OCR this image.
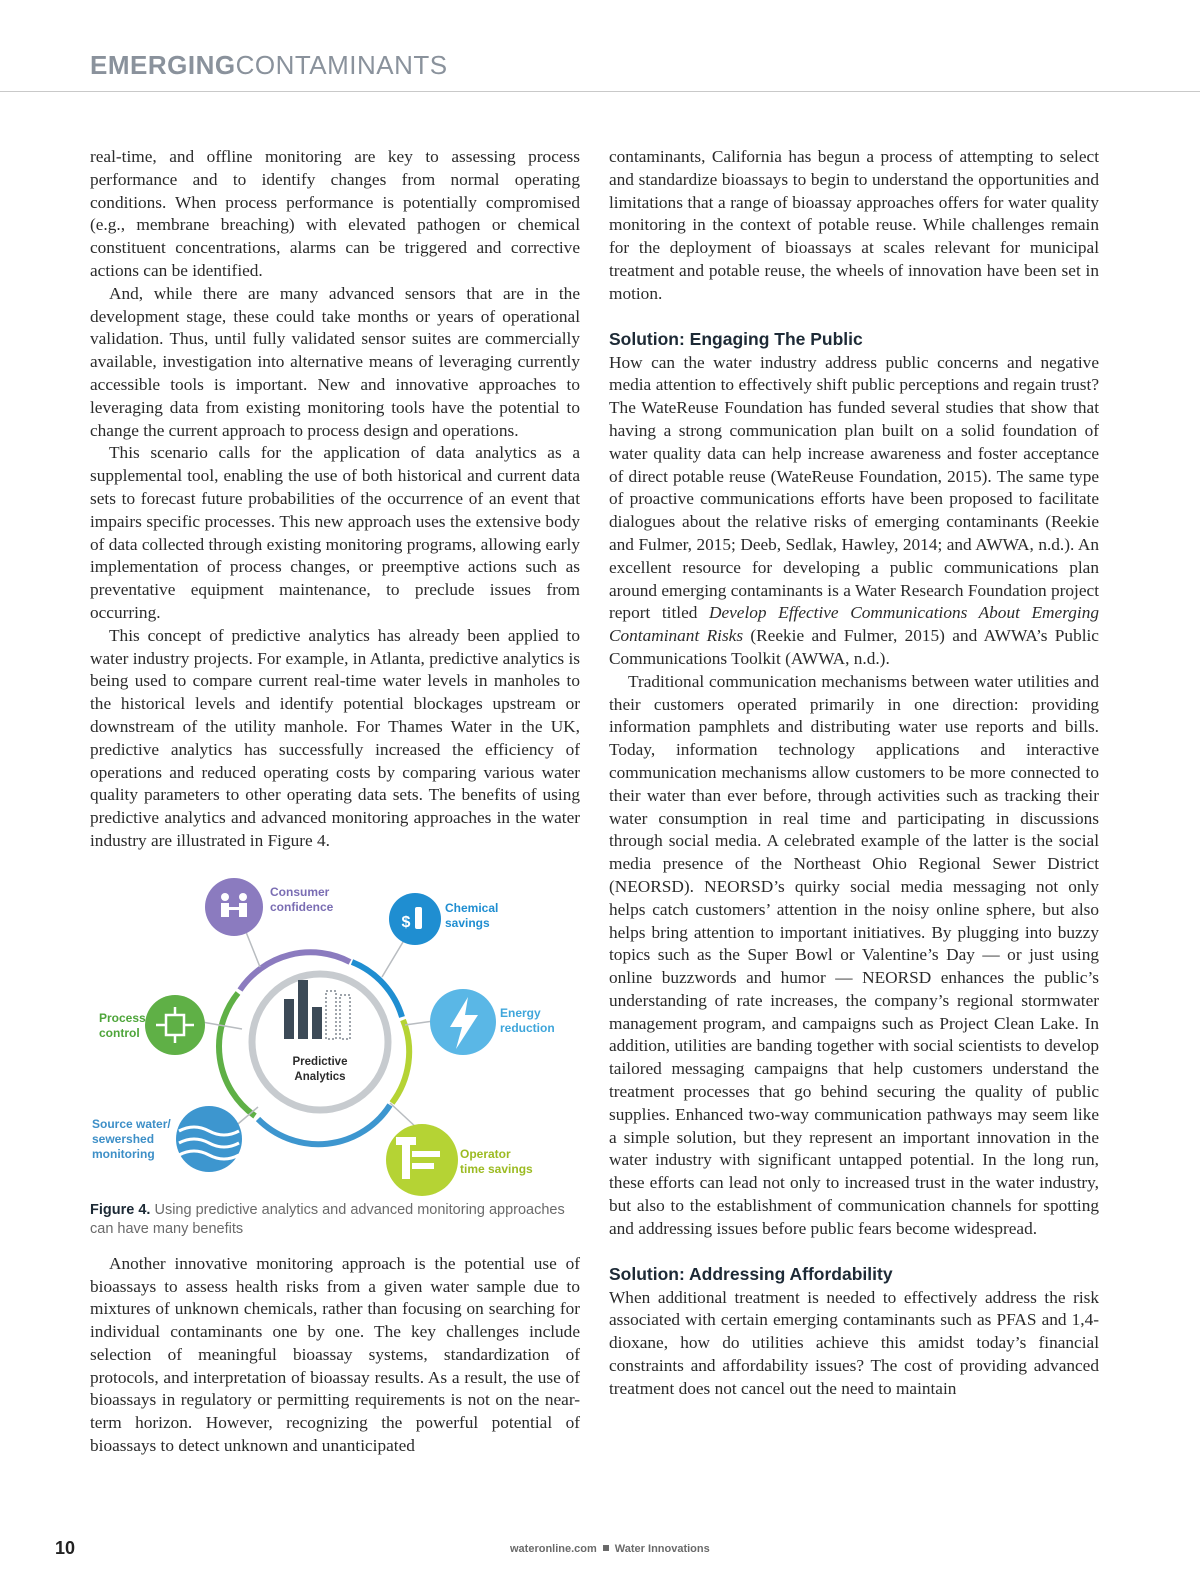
EMERGINGCONTAMINANTS

real-time, and offline monitoring are key to assessing process performance and to identify changes from normal operating conditions. When process performance is potentially compromised (e.g., membrane breaching) with elevated pathogen or chemical constituent concentrations, alarms can be triggered and corrective actions can be identified.

And, while there are many advanced sensors that are in the development stage, these could take months or years of operational validation. Thus, until fully validated sensor suites are commercially available, investigation into alternative means of leveraging currently accessible tools is important. New and innovative approaches to leveraging data from existing monitoring tools have the potential to change the current approach to process design and operations.

This scenario calls for the application of data analytics as a supplemental tool, enabling the use of both historical and current data sets to forecast future probabilities of the occurrence of an event that impairs specific processes. This new approach uses the extensive body of data collected through existing monitoring programs, allowing early implementation of process changes, or preemptive actions such as preventative equipment maintenance, to preclude issues from occurring.

This concept of predictive analytics has already been applied to water industry projects. For example, in Atlanta, predictive analytics is being used to compare current real-time water levels in manholes to the historical levels and identify potential blockages upstream or downstream of the utility manhole. For Thames Water in the UK, predictive analytics has successfully increased the efficiency of operations and reduced operating costs by comparing various water quality parameters to other operating data sets. The benefits of using predictive analytics and advanced monitoring approaches in the water industry are illustrated in Figure 4.

Predictive
Analytics
Consumer
confidence
$
Chemical
savings
Energy
reduction
Operator
time savings
Source water/
sewershed
monitoring
Process
control
Figure 4. Using predictive analytics and advanced monitoring approaches can have many benefits

Another innovative monitoring approach is the potential use of bioassays to assess health risks from a given water sample due to mixtures of unknown chemicals, rather than focusing on searching for individual contaminants one by one. The key challenges include selection of meaningful bioassay systems, standardization of protocols, and interpretation of bioassay results. As a result, the use of bioassays in regulatory or permitting requirements is not on the near-term horizon. However, recognizing the powerful potential of bioassays to detect unknown and unanticipated

contaminants, California has begun a process of attempting to select and standardize bioassays to begin to understand the opportunities and limitations that a range of bioassay approaches offers for water quality monitoring in the context of potable reuse. While challenges remain for the deployment of bioassays at scales relevant for municipal treatment and potable reuse, the wheels of innovation have been set in motion.

Solution: Engaging The Public

How can the water industry address public concerns and negative media attention to effectively shift public perceptions and regain trust? The WateReuse Foundation has funded several studies that show that having a strong communication plan built on a solid foundation of water quality data can help increase awareness and foster acceptance of direct potable reuse (WateReuse Foundation, 2015). The same type of proactive communications efforts have been proposed to facilitate dialogues about the relative risks of emerging contaminants (Reekie and Fulmer, 2015; Deeb, Sedlak, Hawley, 2014; and AWWA, n.d.). An excellent resource for developing a public communications plan around emerging contaminants is a Water Research Foundation project report titled Develop Effective Communications About Emerging Contaminant Risks (Reekie and Fulmer, 2015) and AWWA’s Public Communications Toolkit (AWWA, n.d.).

Traditional communication mechanisms between water utilities and their customers operated primarily in one direction: providing information pamphlets and distributing water use reports and bills. Today, information technology applications and interactive communication mechanisms allow customers to be more connected to their water than ever before, through activities such as tracking their water consumption in real time and participating in discussions through social media. A celebrated example of the latter is the social media presence of the Northeast Ohio Regional Sewer District (NEORSD). NEORSD’s quirky social media messaging not only helps catch customers’ attention in the noisy online sphere, but also helps bring attention to important initiatives. By plugging into buzzy topics such as the Super Bowl or Valentine’s Day — or just using online buzzwords and humor — NEORSD enhances the public’s understanding of rate increases, the company’s regional stormwater management program, and campaigns such as Project Clean Lake. In addition, utilities are banding together with social scientists to develop tailored messaging campaigns that help customers understand the treatment processes that go behind securing the quality of public supplies. Enhanced two-way communication pathways may seem like a simple solution, but they represent an important innovation in the water industry with significant untapped potential. In the long run, these efforts can lead not only to increased trust in the water industry, but also to the establishment of communication channels for spotting and addressing issues before public fears become widespread.

Solution: Addressing Affordability

When additional treatment is needed to effectively address the risk associated with certain emerging contaminants such as PFAS and 1,4-dioxane, how do utilities achieve this amidst today’s financial constraints and affordability issues? The cost of providing advanced treatment does not cancel out the need to maintain

10	wateronline.com Water Innovations
